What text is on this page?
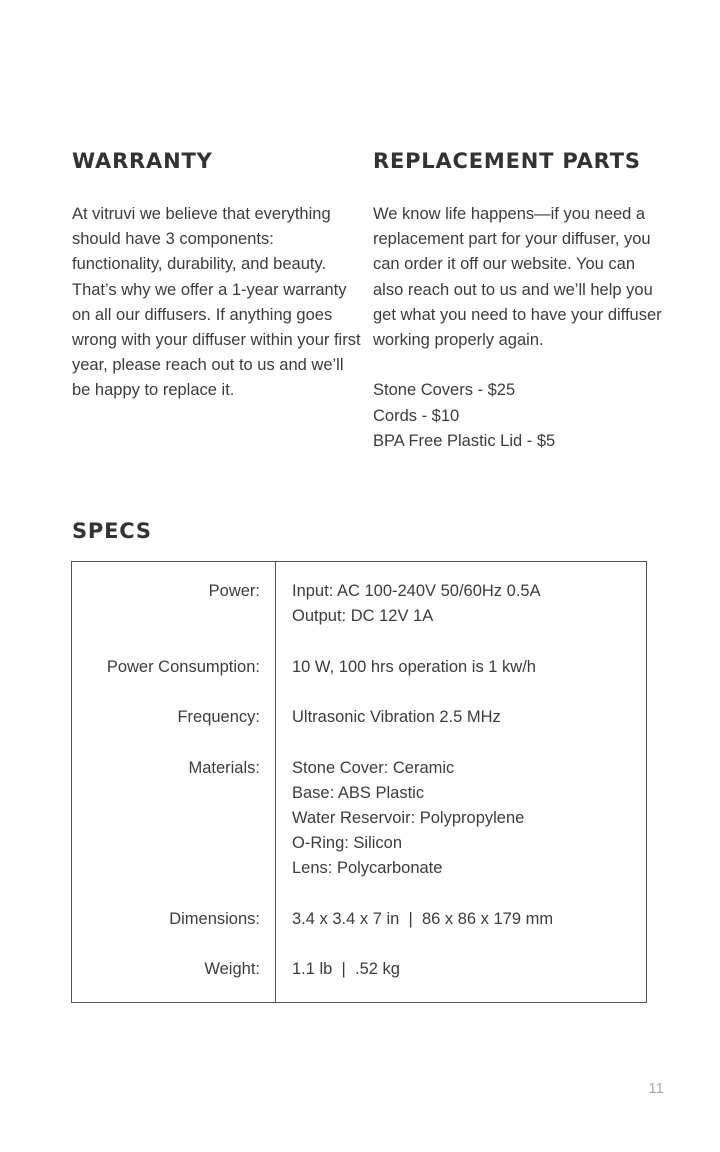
WARRANTY

At vitruvi we believe that everything should have 3 components: functionality, durability, and beauty. That’s why we offer a 1-year warranty on all our diffusers. If anything goes wrong with your diffuser within your first year, please reach out to us and we’ll be happy to replace it.

REPLACEMENT PARTS

We know life happens—if you need a replacement part for your diffuser, you can order it off our website. You can also reach out to us and we’ll help you get what you need to have your diffuser working properly again.

Stone Covers - $25
Cords - $10
BPA Free Plastic Lid - $5
SPECS
Power: Input: AC 100-240V 50/60Hz 0.5A
Output: DC 12V 1A
Power Consumption: 10 W, 100 hrs operation is 1 kw/h
Frequency: Ultrasonic Vibration 2.5 MHz
Materials: Stone Cover: Ceramic
Base: ABS Plastic
Water Reservoir: Polypropylene
O-Ring: Silicon
Lens: Polycarbonate
Dimensions: 3.4 x 3.4 x 7 in  |  86 x 86 x 179 mm
Weight: 1.1 lb  |  .52 kg
11
